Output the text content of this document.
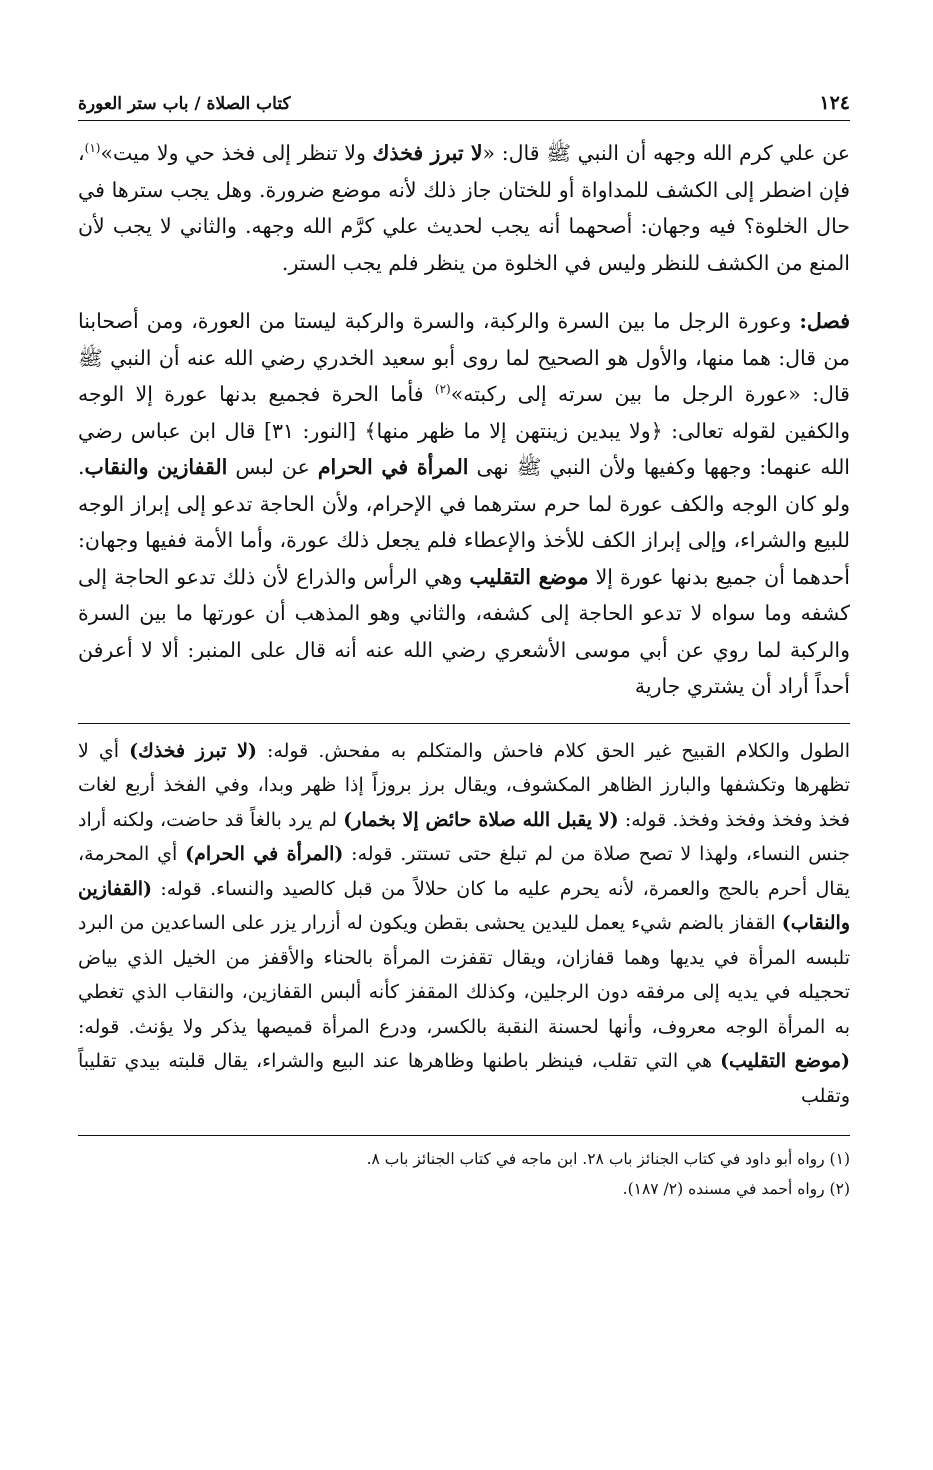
١٢٤
كتاب الصلاة / باب ستر العورة

عن علي كرم الله وجهه أن النبي ﷺ قال: «لا تبرز فخذك ولا تنظر إلى فخذ حي ولا ميت»$^{(١)}$، فإن اضطر إلى الكشف للمداواة أو للختان جاز ذلك لأنه موضع ضرورة. وهل يجب سترها في حال الخلوة؟ فيه وجهان: أصحهما أنه يجب لحديث علي كرَّم الله وجهه. والثاني لا يجب لأن المنع من الكشف للنظر وليس في الخلوة من ينظر فلم يجب الستر.

فصل: وعورة الرجل ما بين السرة والركبة، والسرة والركبة ليستا من العورة، ومن أصحابنا من قال: هما منها، والأول هو الصحيح لما روى أبو سعيد الخدري رضي الله عنه أن النبي ﷺ قال: «عورة الرجل ما بين سرته إلى ركبته»$^{(٢)}$ فأما الحرة فجميع بدنها عورة إلا الوجه والكفين لقوله تعالى: ﴿ولا يبدين زينتهن إلا ما ظهر منها﴾ [النور: ٣١] قال ابن عباس رضي الله عنهما: وجهها وكفيها ولأن النبي ﷺ نهى المرأة في الحرام عن لبس القفازين والنقاب. ولو كان الوجه والكف عورة لما حرم سترهما في الإحرام، ولأن الحاجة تدعو إلى إبراز الوجه للبيع والشراء، وإلى إبراز الكف للأخذ والإعطاء فلم يجعل ذلك عورة، وأما الأمة ففيها وجهان: أحدهما أن جميع بدنها عورة إلا موضع التقليب وهي الرأس والذراع لأن ذلك تدعو الحاجة إلى كشفه وما سواه لا تدعو الحاجة إلى كشفه، والثاني وهو المذهب أن عورتها ما بين السرة والركبة لما روي عن أبي موسى الأشعري رضي الله عنه أنه قال على المنبر: ألا لا أعرفن أحداً أراد أن يشتري جارية

الطول والكلام القبيح غير الحق كلام فاحش والمتكلم به مفحش. قوله: (لا تبرز فخذك) أي لا تظهرها وتكشفها والبارز الظاهر المكشوف، ويقال برز بروزاً إذا ظهر وبدا، وفي الفخذ أربع لغات فخذ وفخذ وفخذ وفخذ. قوله: (لا يقبل الله صلاة حائض إلا بخمار) لم يرد بالغاً قد حاضت، ولكنه أراد جنس النساء، ولهذا لا تصح صلاة من لم تبلغ حتى تستتر. قوله: (المرأة في الحرام) أي المحرمة، يقال أحرم بالحج والعمرة، لأنه يحرم عليه ما كان حلالاً من قبل كالصيد والنساء. قوله: (القفازين والنقاب) القفاز بالضم شيء يعمل لليدين يحشى بقطن ويكون له أزرار يزر على الساعدين من البرد تلبسه المرأة في يديها وهما قفازان، ويقال تقفزت المرأة بالحناء والأقفز من الخيل الذي بياض تحجيله في يديه إلى مرفقه دون الرجلين، وكذلك المقفز كأنه ألبس القفازين، والنقاب الذي تغطي به المرأة الوجه معروف، وأنها لحسنة النقبة بالكسر، ودرع المرأة قميصها يذكر ولا يؤنث. قوله: (موضع التقليب) هي التي تقلب، فينظر باطنها وظاهرها عند البيع والشراء، يقال قلبته بيدي تقليباً وتقلب

(١) رواه أبو داود في كتاب الجنائز باب ٢٨. ابن ماجه في كتاب الجنائز باب ٨.

(٢) رواه أحمد في مسنده (٢/ ١٨٧).
